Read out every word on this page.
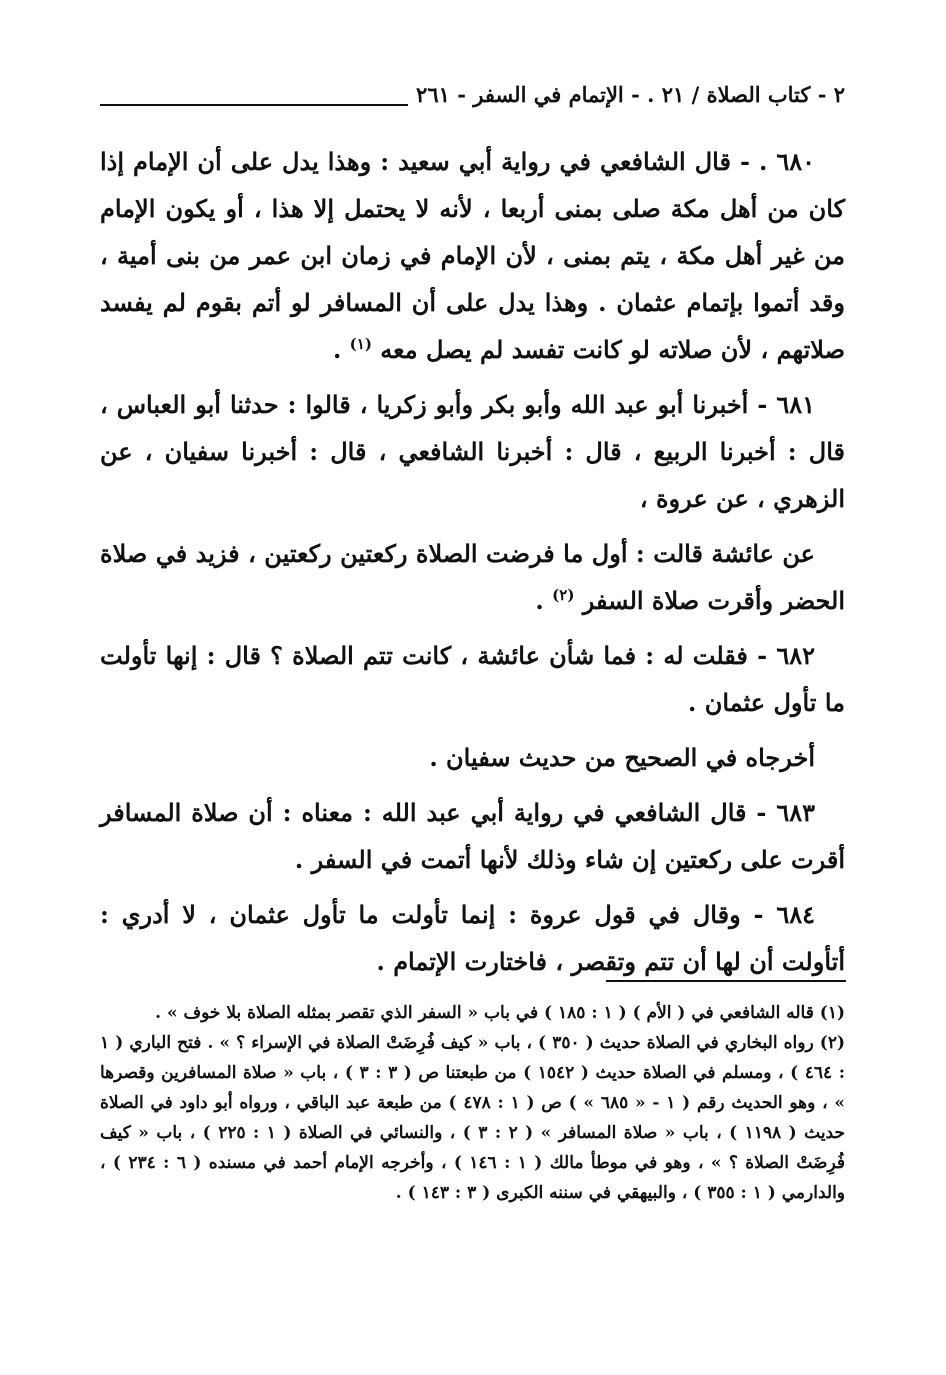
٢ - كتاب الصلاة / ٢١ . - الإتمام في السفر - ٢٦١

٦٨٠ . - قال الشافعي في رواية أبي سعيد : وهذا يدل على أن الإمام إذا كان من أهل مكة صلى بمنى أربعا ، لأنه لا يحتمل إلا هذا ، أو يكون الإمام من غير أهل مكة ، يتم بمنى ، لأن الإمام في زمان ابن عمر من بنى أمية ، وقد أتموا بإتمام عثمان . وهذا يدل على أن المسافر لو أتم بقوم لم يفسد صلاتهم ، لأن صلاته لو كانت تفسد لم يصل معه $^{(١)}$ .

٦٨١ - أخبرنا أبو عبد الله وأبو بكر وأبو زكريا ، قالوا : حدثنا أبو العباس ، قال : أخبرنا الربيع ، قال : أخبرنا الشافعي ، قال : أخبرنا سفيان ، عن الزهري ، عن عروة ،

عن عائشة قالت : أول ما فرضت الصلاة ركعتين ركعتين ، فزيد في صلاة الحضر وأقرت صلاة السفر $^{(٢)}$ .

٦٨٢ - فقلت له : فما شأن عائشة ، كانت تتم الصلاة ؟ قال : إنها تأولت ما تأول عثمان .

أخرجاه في الصحيح من حديث سفيان .

٦٨٣ - قال الشافعي في رواية أبي عبد الله : معناه : أن صلاة المسافر أقرت على ركعتين إن شاء وذلك لأنها أتمت في السفر .

٦٨٤ - وقال في قول عروة : إنما تأولت ما تأول عثمان ، لا أدري : أتأولت أن لها أن تتم وتقصر ، فاختارت الإتمام .

(١) قاله الشافعي في ( الأم ) ( ١ : ١٨٥ ) في باب « السفر الذي تقصر بمثله الصلاة بلا خوف » .

(٢) رواه البخاري في الصلاة حديث ( ٣٥٠ ) ، باب « كيف فُرِضَتْ الصلاة في الإسراء ؟ » . فتح الباري ( ١ : ٤٦٤ ) ، ومسلم في الصلاة حديث ( ١٥٤٢ ) من طبعتنا ص ( ٣ : ٣ ) ، باب « صلاة المسافرين وقصرها » ، وهو الحديث رقم ( ١ - « ٦٨٥ » ) ص ( ١ : ٤٧٨ ) من طبعة عبد الباقي ، ورواه أبو داود في الصلاة حديث ( ١١٩٨ ) ، باب « صلاة المسافر » ( ٢ : ٣ ) ، والنسائي في الصلاة ( ١ : ٢٢٥ ) ، باب « كيف فُرِضَتْ الصلاة ؟ » ، وهو في موطأ مالك ( ١ : ١٤٦ ) ، وأخرجه الإمام أحمد في مسنده ( ٦ : ٢٣٤ ) ، والدارمي ( ١ : ٣٥٥ ) ، والبيهقي في سننه الكبرى ( ٣ : ١٤٣ ) .
